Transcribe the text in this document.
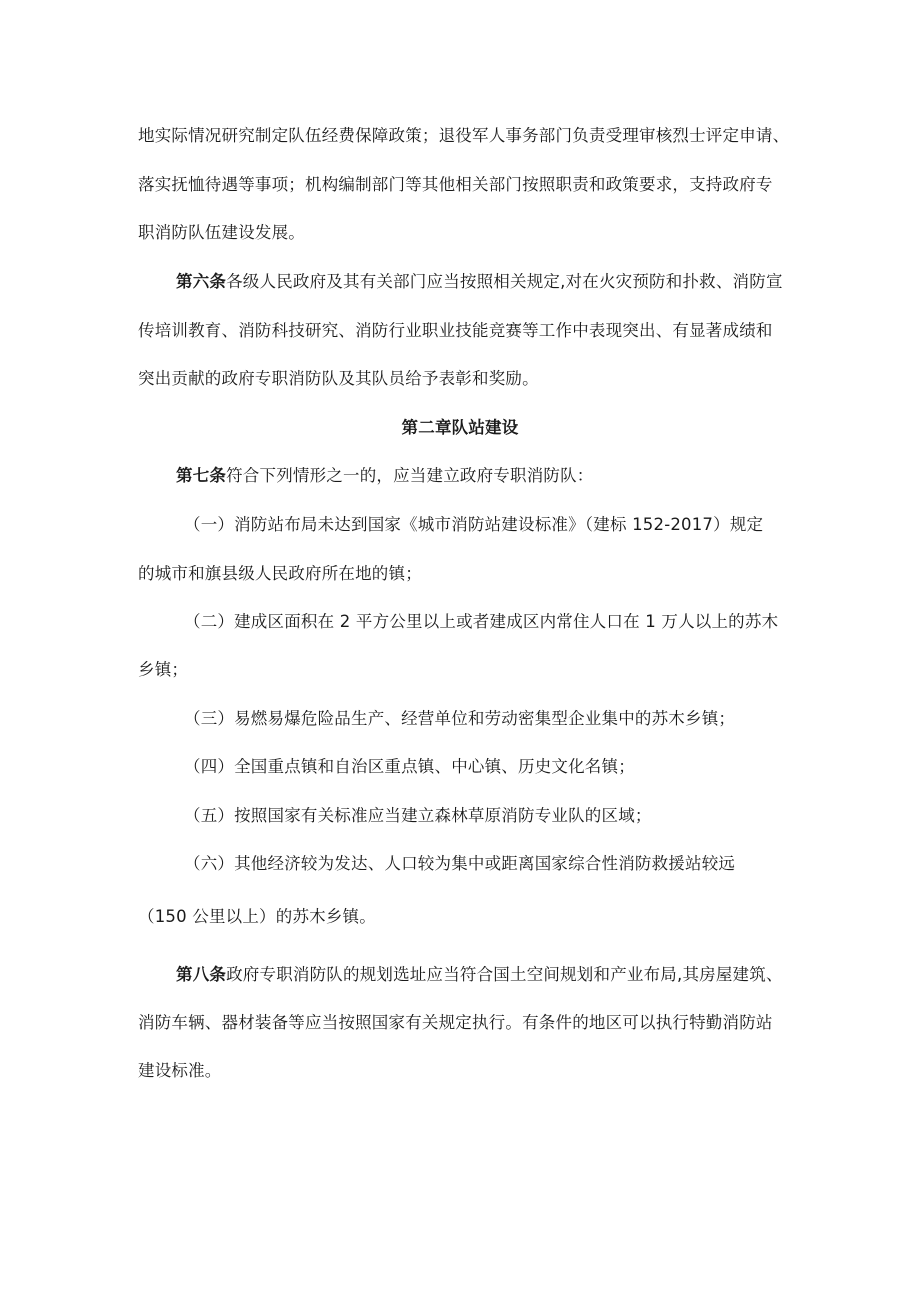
地实际情况研究制定队伍经费保障政策；退役军人事务部门负责受理审核烈士评定申请、
落实抚恤待遇等事项；机构编制部门等其他相关部门按照职责和政策要求，支持政府专
职消防队伍建设发展。
第六条各级人民政府及其有关部门应当按照相关规定,对在火灾预防和扑救、消防宣
传培训教育、消防科技研究、消防行业职业技能竞赛等工作中表现突出、有显著成绩和
突出贡献的政府专职消防队及其队员给予表彰和奖励。
第二章队站建设
第七条符合下列情形之一的，应当建立政府专职消防队：
（一）消防站布局未达到国家《城市消防站建设标准》（建标 152-2017）规定
的城市和旗县级人民政府所在地的镇；
（二）建成区面积在 2 平方公里以上或者建成区内常住人口在 1 万人以上的苏木
乡镇；
（三）易燃易爆危险品生产、经营单位和劳动密集型企业集中的苏木乡镇；
（四）全国重点镇和自治区重点镇、中心镇、历史文化名镇；
（五）按照国家有关标准应当建立森林草原消防专业队的区域；
（六）其他经济较为发达、人口较为集中或距离国家综合性消防救援站较远
（150 公里以上）的苏木乡镇。
第八条政府专职消防队的规划选址应当符合国土空间规划和产业布局,其房屋建筑、
消防车辆、器材装备等应当按照国家有关规定执行。有条件的地区可以执行特勤消防站
建设标准。
